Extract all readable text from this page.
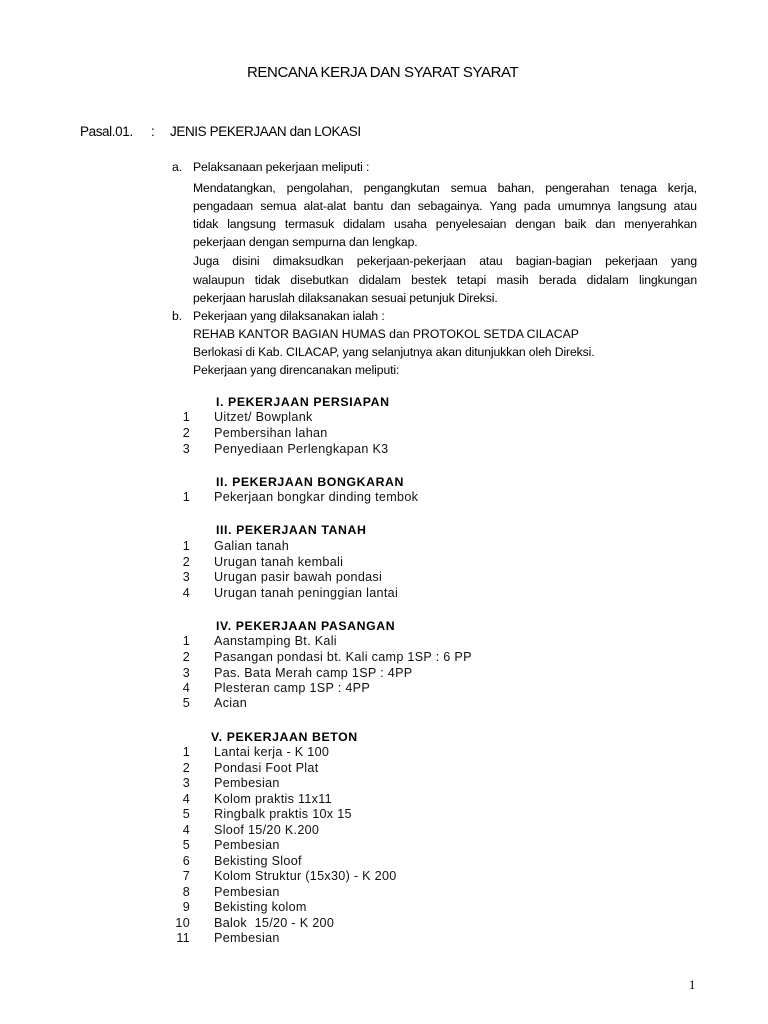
RENCANA KERJA DAN SYARAT SYARAT
Pasal.01. : JENIS PEKERJAAN dan LOKASI
a. Pelaksanaan pekerjaan meliputi :
Mendatangkan, pengolahan, pengangkutan semua bahan, pengerahan tenaga kerja,
pengadaan semua alat-alat bantu dan sebagainya. Yang pada umumnya langsung atau
tidak langsung termasuk didalam usaha penyelesaian dengan baik dan menyerahkan
pekerjaan dengan sempurna dan lengkap.
Juga disini dimaksudkan pekerjaan-pekerjaan atau bagian-bagian pekerjaan yang
walaupun tidak disebutkan didalam bestek tetapi masih berada didalam lingkungan
pekerjaan haruslah dilaksanakan sesuai petunjuk Direksi.
b. Pekerjaan yang dilaksanakan ialah :
REHAB KANTOR BAGIAN HUMAS dan PROTOKOL SETDA CILACAP
Berlokasi di Kab. CILACAP, yang selanjutnya akan ditunjukkan oleh Direksi.
Pekerjaan yang direncanakan meliputi:
I. PEKERJAAN PERSIAPAN
1 Uitzet/ Bowplank
2 Pembersihan lahan
3 Penyediaan Perlengkapan K3
II. PEKERJAAN BONGKARAN
1 Pekerjaan bongkar dinding tembok
III. PEKERJAAN TANAH
1 Galian tanah
2 Urugan tanah kembali
3 Urugan pasir bawah pondasi
4 Urugan tanah peninggian lantai
IV. PEKERJAAN PASANGAN
1 Aanstamping Bt. Kali
2 Pasangan pondasi bt. Kali camp 1SP : 6 PP
3 Pas. Bata Merah camp 1SP : 4PP
4 Plesteran camp 1SP : 4PP
5 Acian
V. PEKERJAAN BETON
1 Lantai kerja - K 100
2 Pondasi Foot Plat
3 Pembesian
4 Kolom praktis 11x11
5 Ringbalk praktis 10x 15
4 Sloof 15/20 K.200
5 Pembesian
6 Bekisting Sloof
7 Kolom Struktur (15x30) - K 200
8 Pembesian
9 Bekisting kolom
10 Balok  15/20 - K 200
11 Pembesian
1
